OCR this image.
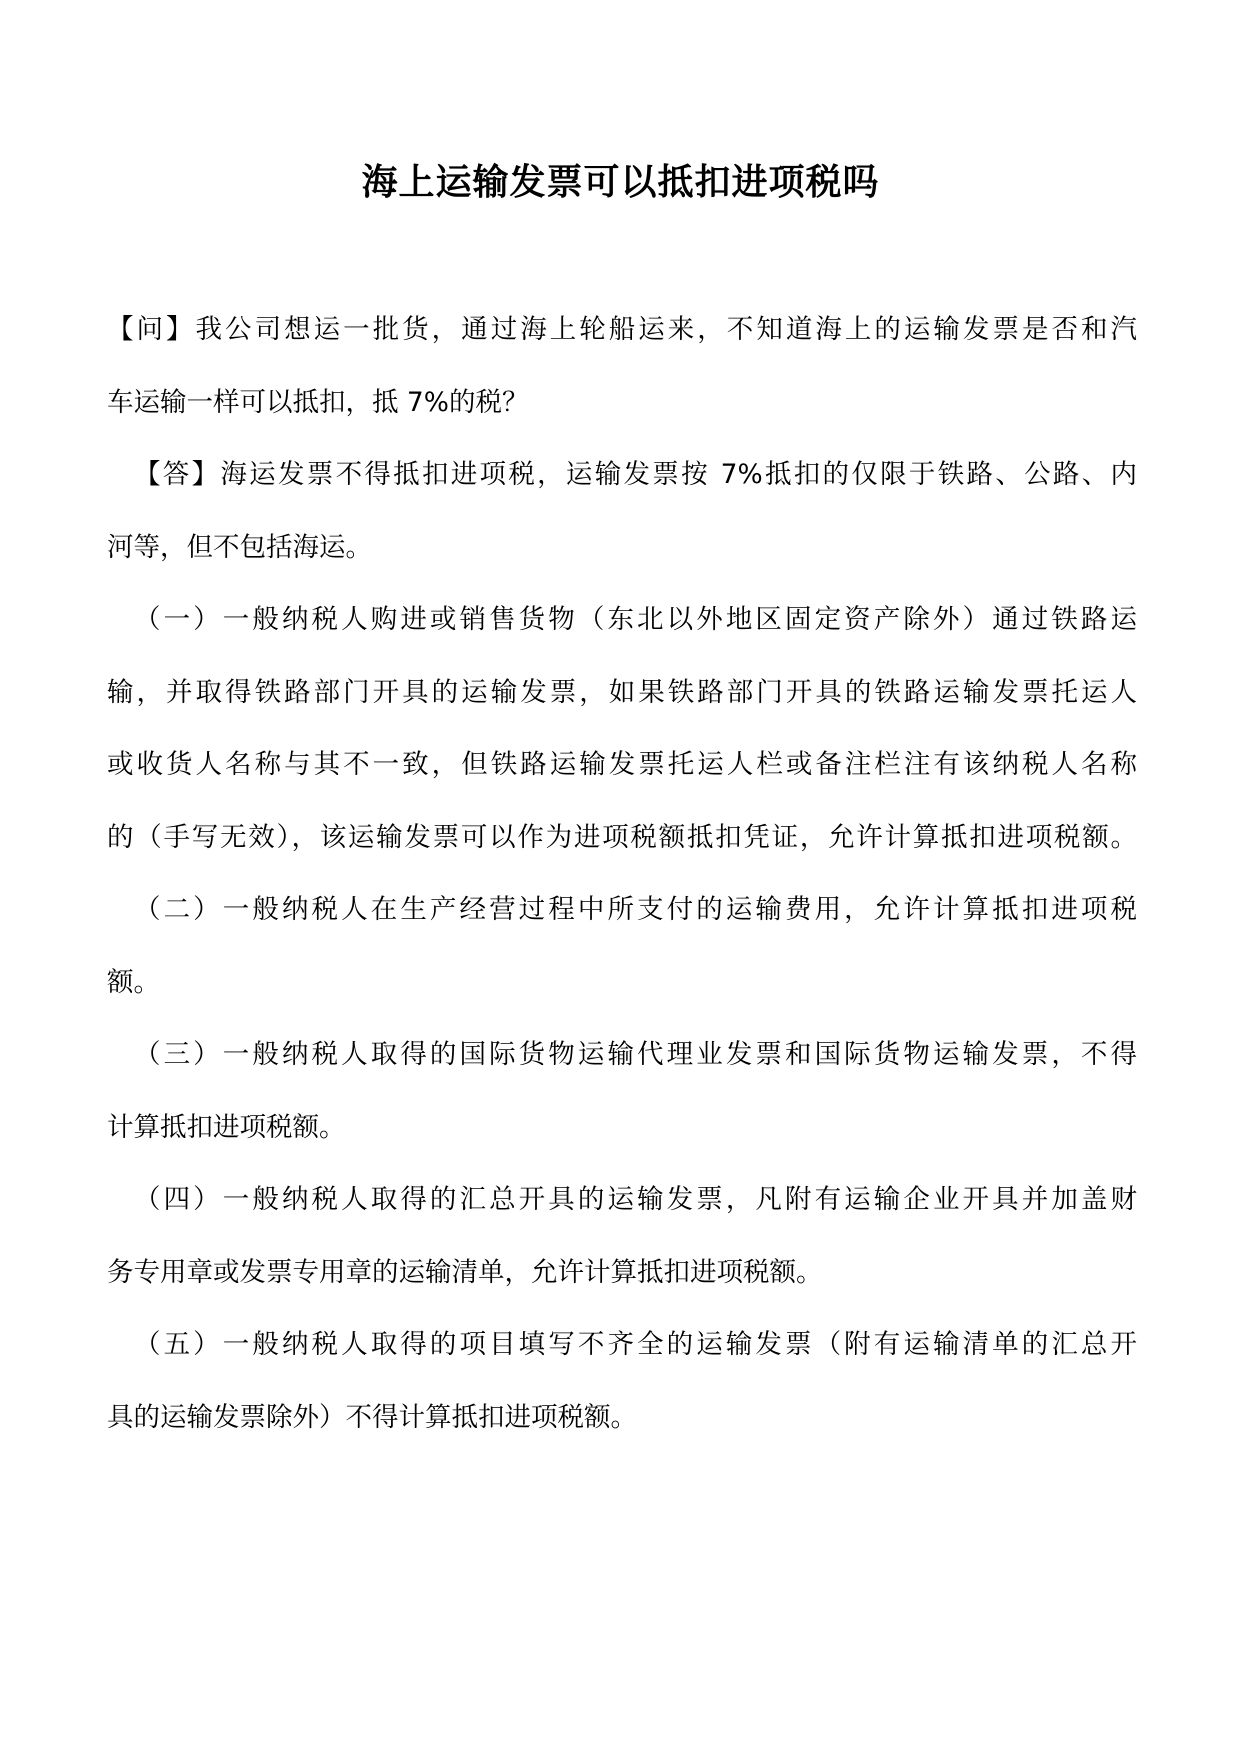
海上运输发票可以抵扣进项税吗
【问】我公司想运一批货，通过海上轮船运来，不知道海上的运输发票是否和汽
车运输一样可以抵扣，抵 7%的税？
【答】海运发票不得抵扣进项税，运输发票按 7%抵扣的仅限于铁路、公路、内
河等，但不包括海运。
（一）一般纳税人购进或销售货物（东北以外地区固定资产除外）通过铁路运
输，并取得铁路部门开具的运输发票，如果铁路部门开具的铁路运输发票托运人
或收货人名称与其不一致，但铁路运输发票托运人栏或备注栏注有该纳税人名称
的（手写无效），该运输发票可以作为进项税额抵扣凭证，允许计算抵扣进项税额。
（二）一般纳税人在生产经营过程中所支付的运输费用，允许计算抵扣进项税
额。
（三）一般纳税人取得的国际货物运输代理业发票和国际货物运输发票，不得
计算抵扣进项税额。
（四）一般纳税人取得的汇总开具的运输发票，凡附有运输企业开具并加盖财
务专用章或发票专用章的运输清单，允许计算抵扣进项税额。
（五）一般纳税人取得的项目填写不齐全的运输发票（附有运输清单的汇总开
具的运输发票除外）不得计算抵扣进项税额。
